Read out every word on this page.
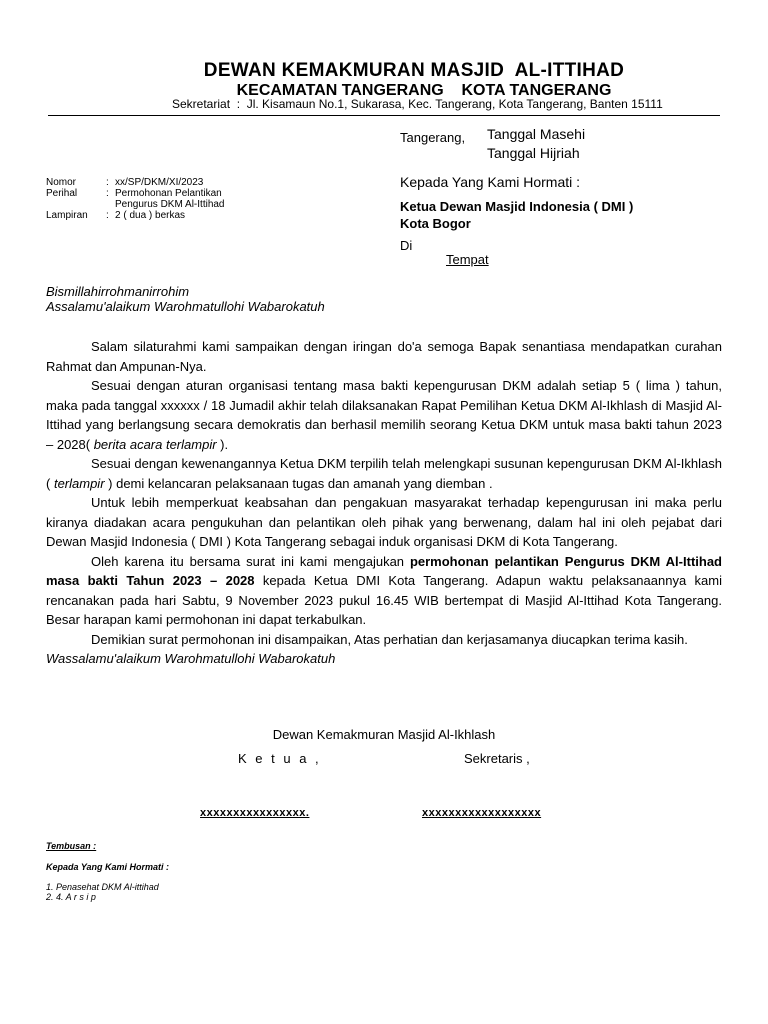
DEWAN KEMAKMURAN MASJID  AL-ITTIHAD
KECAMATAN TANGERANG    KOTA TANGERANG
Sekretariat  :  Jl. Kisamaun No.1, Sukarasa, Kec. Tangerang, Kota Tangerang, Banten 15111
Tangerang, Tanggal Masehi
Tanggal Hijriah
Nomor	: xx/SP/DKM/XI/2023
Perihal	: Permohonan Pelantikan
Pengurus DKM Al-Ittihad
Lampiran	: 2 ( dua ) berkas
Kepada Yang Kami Hormati :
Ketua Dewan Masjid Indonesia ( DMI )
Kota Bogor
Di
Tempat
Bismillahirrohmanirrohim
Assalamu'alaikum Warohmatullohi Wabarokatuh

Salam silaturahmi kami sampaikan dengan iringan do'a semoga Bapak senantiasa mendapatkan curahan Rahmat dan Ampunan-Nya.

Sesuai dengan aturan organisasi tentang masa bakti kepengurusan DKM adalah setiap 5 ( lima ) tahun, maka pada tanggal xxxxxx / 18 Jumadil akhir telah dilaksanakan Rapat Pemilihan Ketua DKM Al-Ikhlash di Masjid Al-Ittihad yang berlangsung secara demokratis dan berhasil memilih seorang Ketua DKM untuk masa bakti tahun 2023 – 2028( berita acara terlampir ).

Sesuai dengan kewenangannya Ketua DKM terpilih telah melengkapi susunan kepengurusan DKM Al-Ikhlash ( terlampir ) demi kelancaran pelaksanaan tugas dan amanah yang diemban .

Untuk lebih memperkuat keabsahan dan pengakuan masyarakat terhadap kepengurusan ini maka perlu kiranya diadakan acara pengukuhan dan pelantikan oleh pihak yang berwenang, dalam hal ini oleh pejabat dari Dewan Masjid Indonesia ( DMI ) Kota Tangerang sebagai induk organisasi DKM di Kota Tangerang.

Oleh karena itu bersama surat ini kami mengajukan permohonan pelantikan Pengurus DKM Al-Ittihad masa bakti Tahun 2023 – 2028 kepada Ketua DMI Kota Tangerang. Adapun waktu pelaksanaannya kami rencanakan pada hari Sabtu, 9 November 2023 pukul 16.45 WIB bertempat di Masjid Al-Ittihad Kota Tangerang. Besar harapan kami permohonan ini dapat terkabulkan.

Demikian surat permohonan ini disampaikan, Atas perhatian dan kerjasamanya diucapkan terima kasih.

Wassalamu'alaikum Warohmatullohi Wabarokatuh

Dewan Kemakmuran Masjid Al-Ikhlash
K e t u a ,	Sekretaris ,
xxxxxxxxxxxxxxxx.	xxxxxxxxxxxxxxxxxx
Tembusan :
Kepada Yang Kami Hormati :
1. Penasehat DKM Al-ittihad
2. 4. A r s i p
